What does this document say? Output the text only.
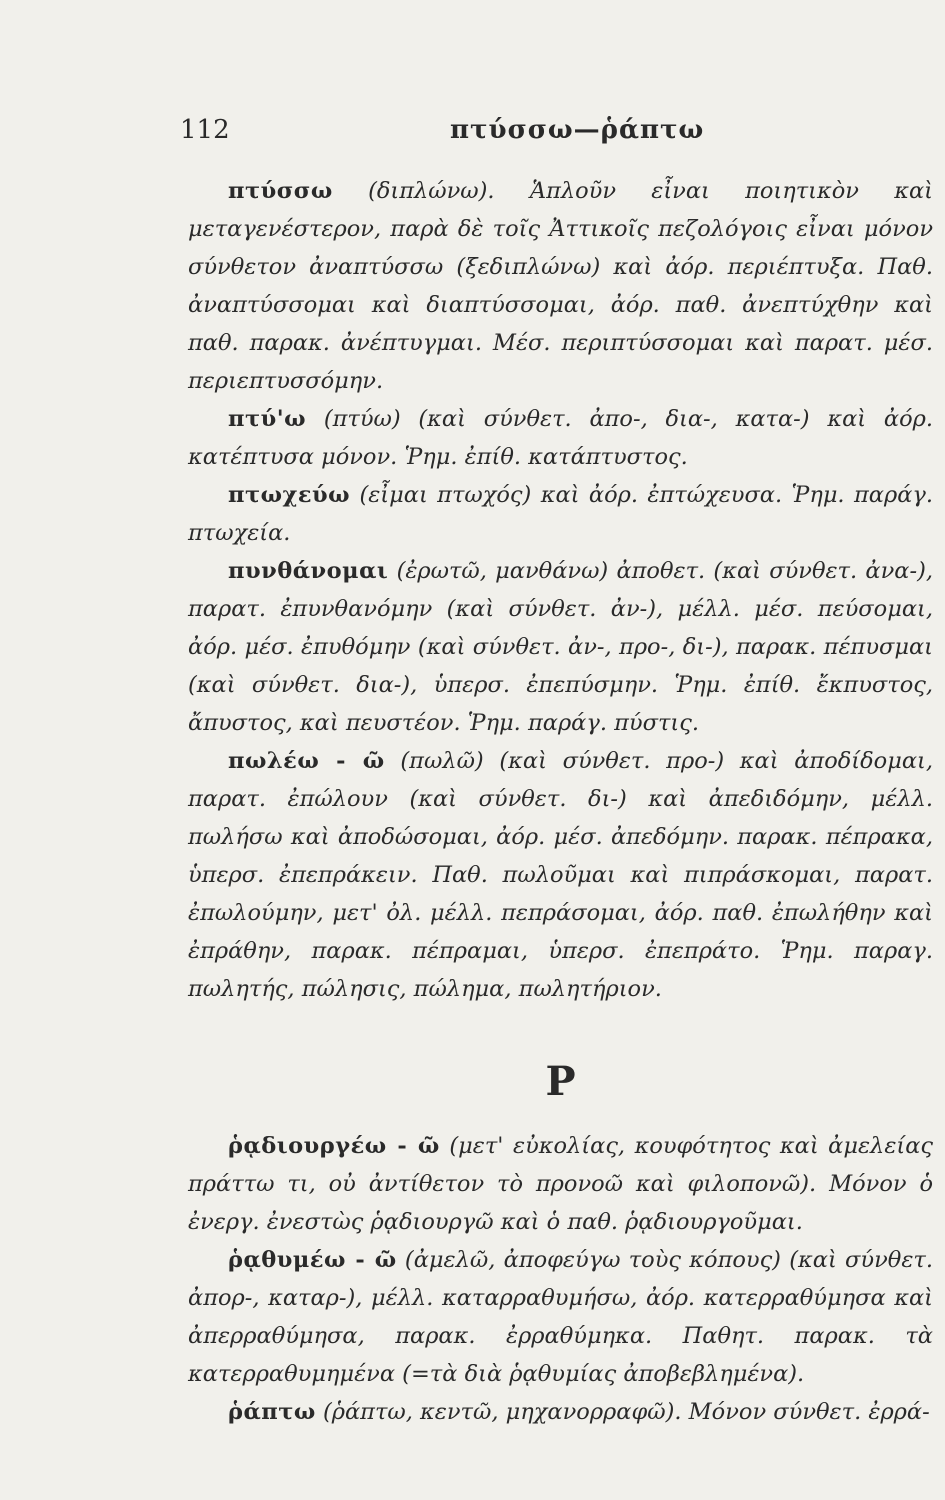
112	πτύσσω—ῥάπτω

πτύσσω (διπλώνω). Ἁπλοῦν εἶναι ποιητικὸν καὶ μεταγενέστερον, παρὰ δὲ τοῖς Ἀττικοῖς πεζολόγοις εἶναι μόνον σύνθετον ἀναπτύσσω (ξεδιπλώνω) καὶ ἀόρ. περιέπτυξα. Παθ. ἀναπτύσσομαι καὶ διαπτύσσομαι, ἀόρ. παθ. ἀνεπτύχθην καὶ παθ. παρακ. ἀνέπτυγμαι. Μέσ. περιπτύσσομαι καὶ παρατ. μέσ. περιεπτυσσόμην.

πτύ'ω (πτύω) (καὶ σύνθετ. ἀπο-, δια-, κατα-) καὶ ἀόρ. κατέπτυσα μόνον. Ῥημ. ἐπίθ. κατάπτυστος.

πτωχεύω (εἶμαι πτωχός) καὶ ἀόρ. ἐπτώχευσα. Ῥημ. παράγ. πτωχεία.

πυνθάνομαι (ἐρωτῶ, μανθάνω) ἀποθετ. (καὶ σύνθετ. ἀνα-), παρατ. ἐπυνθανόμην (καὶ σύνθετ. ἀν-), μέλλ. μέσ. πεύσομαι, ἀόρ. μέσ. ἐπυθόμην (καὶ σύνθετ. ἀν-, προ-, δι-), παρακ. πέπυσμαι (καὶ σύνθετ. δια-), ὑπερσ. ἐπεπύσμην. Ῥημ. ἐπίθ. ἔκπυστος, ἄπυστος, καὶ πευστέον. Ῥημ. παράγ. πύστις.

πωλέω - ῶ (πωλῶ) (καὶ σύνθετ. προ-) καὶ ἀποδίδομαι, παρατ. ἐπώλουν (καὶ σύνθετ. δι-) καὶ ἀπεδιδόμην, μέλλ. πωλήσω καὶ ἀποδώσομαι, ἀόρ. μέσ. ἀπεδόμην. παρακ. πέπρακα, ὑπερσ. ἐπεπράκειν. Παθ. πωλοῦμαι καὶ πιπράσκομαι, παρατ. ἐπωλούμην, μετ' ὀλ. μέλλ. πεπράσομαι, ἀόρ. παθ. ἐπωλήθην καὶ ἐπράθην, παρακ. πέπραμαι, ὑπερσ. ἐπεπράτο. Ῥημ. παραγ. πωλητής, πώλησις, πώλημα, πωλητήριον.

Ρ

ῥᾳδιουργέω - ῶ (μετ' εὐκολίας, κουφότητος καὶ ἀμελείας πράττω τι, οὐ ἀντίθετον τὸ προνοῶ καὶ φιλοπονῶ). Μόνον ὁ ἐνεργ. ἐνεστὼς ῥᾳδιουργῶ καὶ ὁ παθ. ῥᾳδιουργοῦμαι.

ῥᾳθυμέω - ῶ (ἀμελῶ, ἀποφεύγω τοὺς κόπους) (καὶ σύνθετ. ἀπορ-, καταρ-), μέλλ. καταρραθυμήσω, ἀόρ. κατερραθύμησα καὶ ἀπερραθύμησα, παρακ. ἐρραθύμηκα. Παθητ. παρακ. τὰ κατερραθυμημένα (=τὰ διὰ ῥᾳθυμίας ἀποβεβλημένα).

ῥάπτω (ῥάπτω, κεντῶ, μηχανορραφῶ). Μόνον σύνθετ. ἐρρά-
